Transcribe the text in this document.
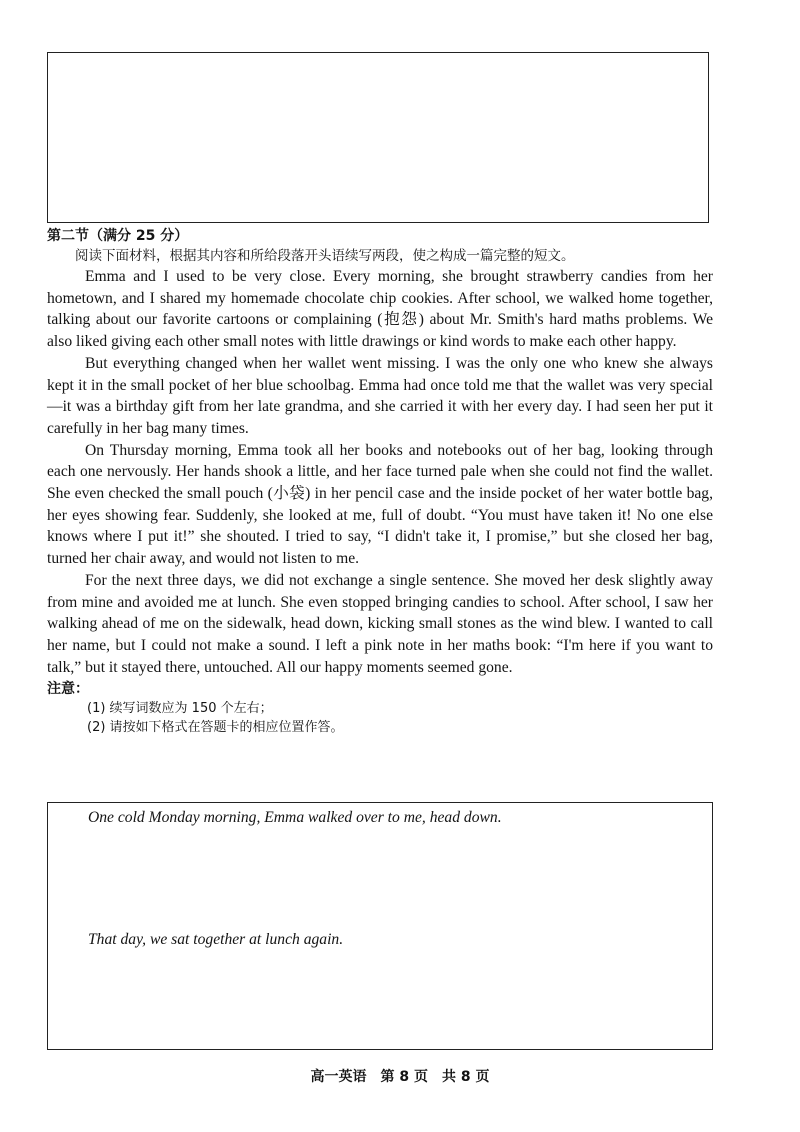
第二节（满分 25 分）

阅读下面材料，根据其内容和所给段落开头语续写两段，使之构成一篇完整的短文。

Emma and I used to be very close. Every morning, she brought strawberry candies from her hometown, and I shared my homemade chocolate chip cookies. After school, we walked home together, talking about our favorite cartoons or complaining (抱怨) about Mr. Smith's hard maths problems. We also liked giving each other small notes with little drawings or kind words to make each other happy.

But everything changed when her wallet went missing. I was the only one who knew she always kept it in the small pocket of her blue schoolbag. Emma had once told me that the wallet was very special—it was a birthday gift from her late grandma, and she carried it with her every day. I had seen her put it carefully in her bag many times.

On Thursday morning, Emma took all her books and notebooks out of her bag, looking through each one nervously. Her hands shook a little, and her face turned pale when she could not find the wallet. She even checked the small pouch (小袋) in her pencil case and the inside pocket of her water bottle bag, her eyes showing fear. Suddenly, she looked at me, full of doubt. “You must have taken it! No one else knows where I put it!” she shouted. I tried to say, “I didn't take it, I promise,” but she closed her bag, turned her chair away, and would not listen to me.

For the next three days, we did not exchange a single sentence. She moved her desk slightly away from mine and avoided me at lunch. She even stopped bringing candies to school. After school, I saw her walking ahead of me on the sidewalk, head down, kicking small stones as the wind blew. I wanted to call her name, but I could not make a sound. I left a pink note in her maths book: “I'm here if you want to talk,” but it stayed there, untouched. All our happy moments seemed gone.

注意：

(1) 续写词数应为 150 个左右；

(2) 请按如下格式在答题卡的相应位置作答。

One cold Monday morning, Emma walked over to me, head down.

That day, we sat together at lunch again.

高一英语　第 8 页　共 8 页
